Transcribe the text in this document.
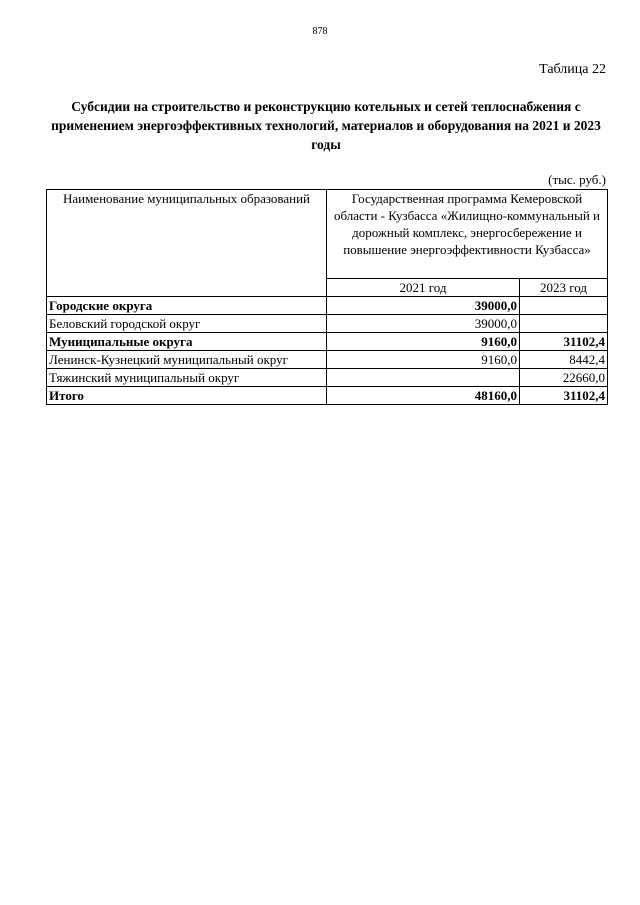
878
Таблица 22
Субсидии на строительство и реконструкцию котельных и сетей теплоснабжения с применением энергоэффективных технологий, материалов и оборудования на 2021 и 2023 годы
(тыс. руб.)
Наименование муниципальных образований	Государственная программа Кемеровской области - Кузбасса «Жилищно-коммунальный и дорожный комплекс, энергосбережение и повышение энергоэффективности Кузбасса»	
	2021 год	2023 год
Городские округа	39000,0	
Беловский городской округ	39000,0	
Муниципальные округа	9160,0	31102,4
Ленинск-Кузнецкий муниципальный округ	9160,0	8442,4
Тяжинский муниципальный округ		22660,0
Итого	48160,0	31102,4
